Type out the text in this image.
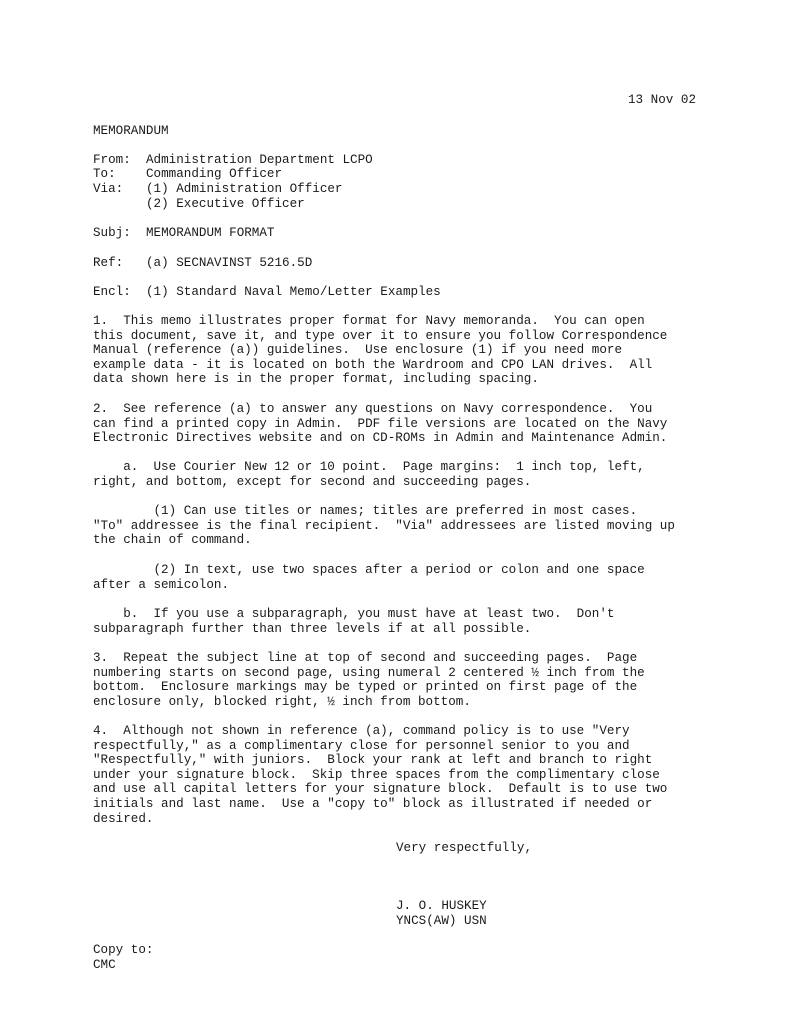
13 Nov 02
MEMORANDUM
From: Administration Department LCPO
To: Commanding Officer
Via: (1) Administration Officer
(2) Executive Officer
Subj: MEMORANDUM FORMAT
Ref: (a) SECNAVINST 5216.5D
Encl: (1) Standard Naval Memo/Letter Examples
1.  This memo illustrates proper format for Navy memoranda.  You can open
this document, save it, and type over it to ensure you follow Correspondence
Manual (reference (a)) guidelines.  Use enclosure (1) if you need more
example data - it is located on both the Wardroom and CPO LAN drives.  All
data shown here is in the proper format, including spacing.
2.  See reference (a) to answer any questions on Navy correspondence.  You
can find a printed copy in Admin.  PDF file versions are located on the Navy
Electronic Directives website and on CD-ROMs in Admin and Maintenance Admin.
a.  Use Courier New 12 or 10 point.  Page margins:  1 inch top, left,
right, and bottom, except for second and succeeding pages.
(1) Can use titles or names; titles are preferred in most cases.
"To" addressee is the final recipient.  "Via" addressees are listed moving up
the chain of command.
(2) In text, use two spaces after a period or colon and one space
after a semicolon.
b.  If you use a subparagraph, you must have at least two.  Don't
subparagraph further than three levels if at all possible.
3.  Repeat the subject line at top of second and succeeding pages.  Page
numbering starts on second page, using numeral 2 centered ½ inch from the
bottom.  Enclosure markings may be typed or printed on first page of the
enclosure only, blocked right, ½ inch from bottom.
4.  Although not shown in reference (a), command policy is to use "Very
respectfully," as a complimentary close for personnel senior to you and
"Respectfully," with juniors.  Block your rank at left and branch to right
under your signature block.  Skip three spaces from the complimentary close
and use all capital letters for your signature block.  Default is to use two
initials and last name.  Use a "copy to" block as illustrated if needed or
desired.
Very respectfully,
J. O. HUSKEY
YNCS(AW) USN
Copy to:
CMC
